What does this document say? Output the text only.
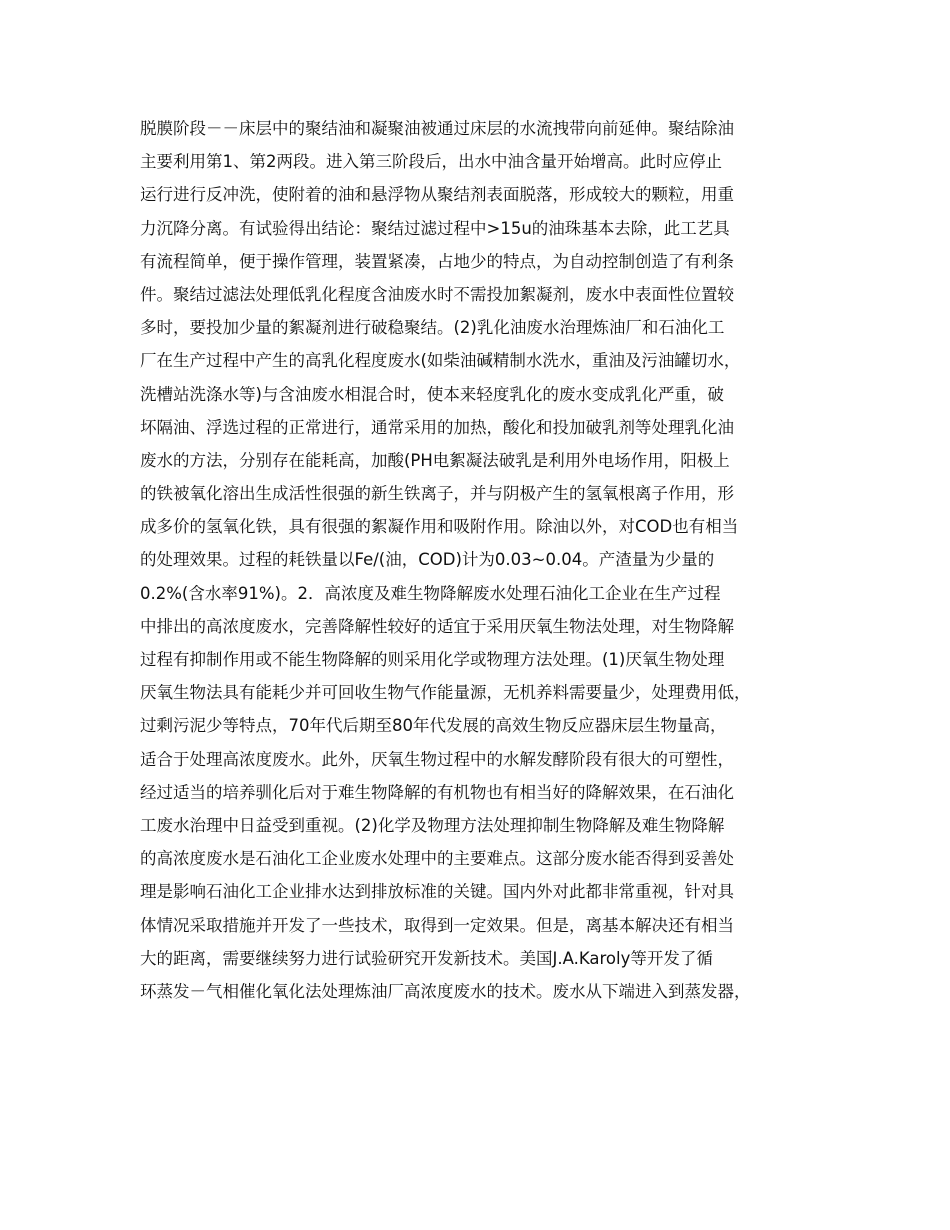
脱膜阶段－－床层中的聚结油和凝聚油被通过床层的水流拽带向前延伸。聚结除油
主要利用第1、第2两段。进入第三阶段后，出水中油含量开始增高。此时应停止
运行进行反冲洗，使附着的油和悬浮物从聚结剂表面脱落，形成较大的颗粒，用重
力沉降分离。有试验得出结论：聚结过滤过程中>15u的油珠基本去除，此工艺具
有流程简单，便于操作管理，装置紧凑，占地少的特点，为自动控制创造了有利条
件。聚结过滤法处理低乳化程度含油废水时不需投加絮凝剂，废水中表面性位置较
多时，要投加少量的絮凝剂进行破稳聚结。(2)乳化油废水治理炼油厂和石油化工
厂在生产过程中产生的高乳化程度废水(如柴油碱精制水洗水，重油及污油罐切水，
洗槽站洗涤水等)与含油废水相混合时，使本来轻度乳化的废水变成乳化严重，破
坏隔油、浮选过程的正常进行，通常采用的加热，酸化和投加破乳剂等处理乳化油
废水的方法，分别存在能耗高，加酸(PH电絮凝法破乳是利用外电场作用，阳极上
的铁被氧化溶出生成活性很强的新生铁离子，并与阴极产生的氢氧根离子作用，形
成多价的氢氧化铁，具有很强的絮凝作用和吸附作用。除油以外，对COD也有相当
的处理效果。过程的耗铁量以Fe/(油，COD)计为0.03~0.04。产渣量为少量的
0.2%(含水率91%)。2．高浓度及难生物降解废水处理石油化工企业在生产过程
中排出的高浓度废水，完善降解性较好的适宜于采用厌氧生物法处理，对生物降解
过程有抑制作用或不能生物降解的则采用化学或物理方法处理。(1)厌氧生物处理
厌氧生物法具有能耗少并可回收生物气作能量源，无机养料需要量少，处理费用低，
过剩污泥少等特点，70年代后期至80年代发展的高效生物反应器床层生物量高，
适合于处理高浓度废水。此外，厌氧生物过程中的水解发酵阶段有很大的可塑性，
经过适当的培养驯化后对于难生物降解的有机物也有相当好的降解效果，在石油化
工废水治理中日益受到重视。(2)化学及物理方法处理抑制生物降解及难生物降解
的高浓度废水是石油化工企业废水处理中的主要难点。这部分废水能否得到妥善处
理是影响石油化工企业排水达到排放标准的关键。国内外对此都非常重视，针对具
体情况采取措施并开发了一些技术，取得到一定效果。但是，离基本解决还有相当
大的距离，需要继续努力进行试验研究开发新技术。美国J.A.Karoly等开发了循
环蒸发－气相催化氧化法处理炼油厂高浓度废水的技术。废水从下端进入到蒸发器，
